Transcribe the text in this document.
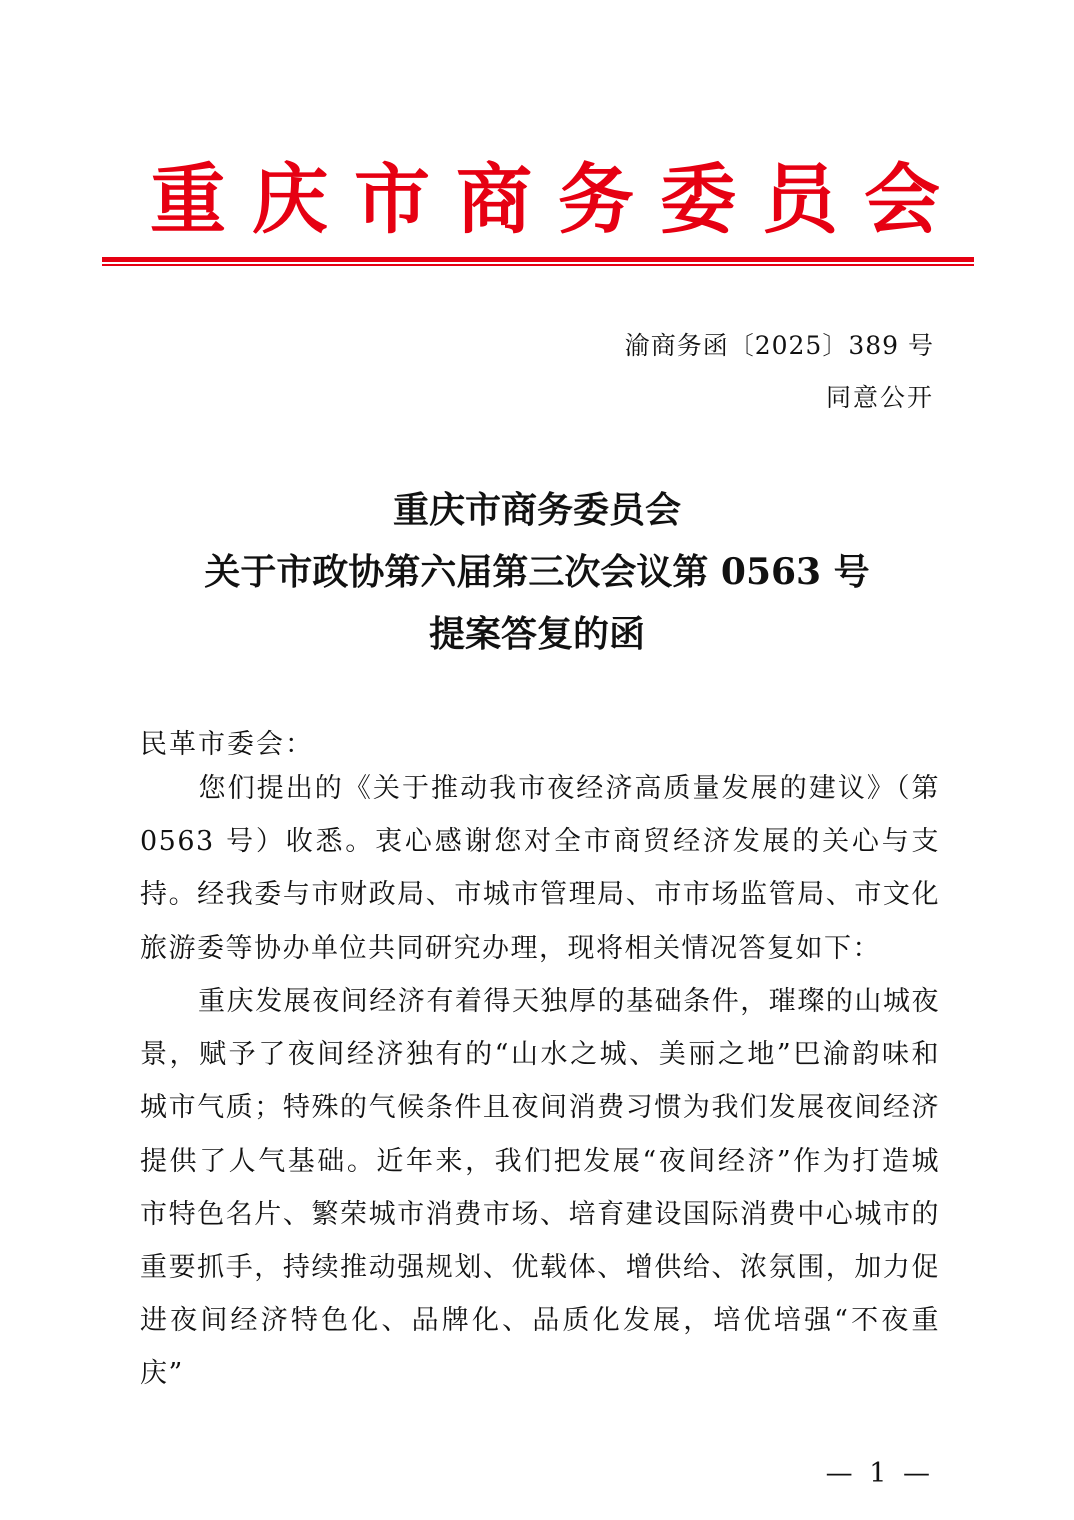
重 庆 市 商 务 委 员 会
渝商务函〔2025〕389 号
同意公开
重庆市商务委员会
关于市政协第六届第三次会议第 0563 号
提案答复的函
民革市委会：

您们提出的《关于推动我市夜经济高质量发展的建议》（第 0563 号）收悉。衷心感谢您对全市商贸经济发展的关心与支持。经我委与市财政局、市城市管理局、市市场监管局、市文化旅游委等协办单位共同研究办理，现将相关情况答复如下：

重庆发展夜间经济有着得天独厚的基础条件，璀璨的山城夜景，赋予了夜间经济独有的“山水之城、美丽之地”巴渝韵味和城市气质；特殊的气候条件且夜间消费习惯为我们发展夜间经济提供了人气基础。近年来，我们把发展“夜间经济”作为打造城市特色名片、繁荣城市消费市场、培育建设国际消费中心城市的重要抓手，持续推动强规划、优载体、增供给、浓氛围，加力促进夜间经济特色化、品牌化、品质化发展，培优培强“不夜重庆”

— 1 —
